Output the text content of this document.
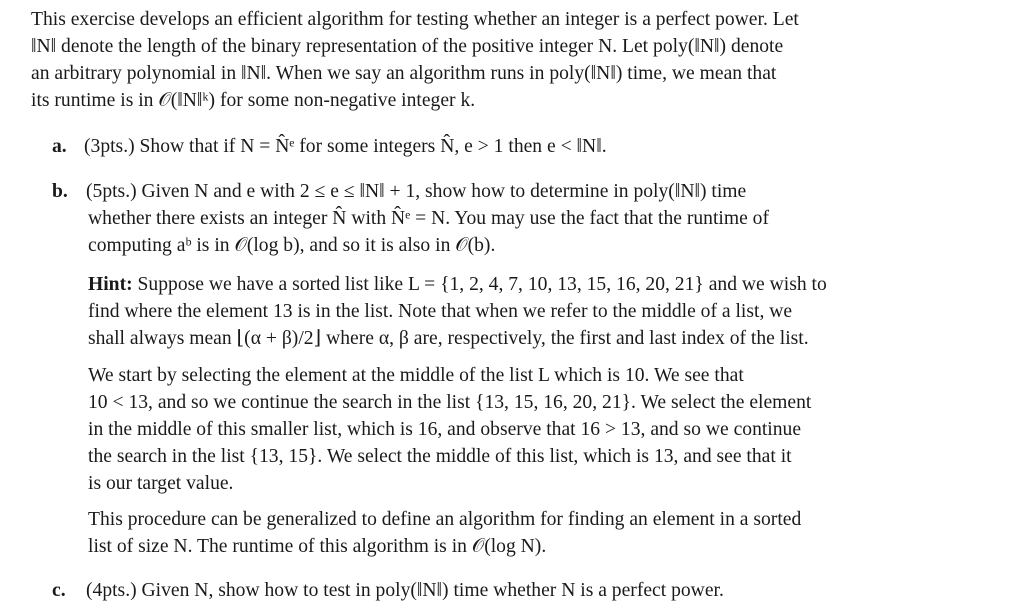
This exercise develops an efficient algorithm for testing whether an integer is a perfect power. Let
‖N‖ denote the length of the binary representation of the positive integer N. Let poly(‖N‖) denote
an arbitrary polynomial in ‖N‖. When we say an algorithm runs in poly(‖N‖) time, we mean that
its runtime is in 𝒪(‖N‖ᵏ) for some non-negative integer k.
a. (3pts.) Show that if N = N̂ᵉ for some integers N̂, e > 1 then e < ‖N‖.
b. (5pts.) Given N and e with 2 ≤ e ≤ ‖N‖ + 1, show how to determine in poly(‖N‖) time
whether there exists an integer N̂ with N̂ᵉ = N. You may use the fact that the runtime of
computing aᵇ is in 𝒪(log b), and so it is also in 𝒪(b).
Hint: Suppose we have a sorted list like L = {1, 2, 4, 7, 10, 13, 15, 16, 20, 21} and we wish to
find where the element 13 is in the list. Note that when we refer to the middle of a list, we
shall always mean ⌊(α + β)/2⌋ where α, β are, respectively, the first and last index of the list.
We start by selecting the element at the middle of the list L which is 10. We see that
10 < 13, and so we continue the search in the list {13, 15, 16, 20, 21}. We select the element
in the middle of this smaller list, which is 16, and observe that 16 > 13, and so we continue
the search in the list {13, 15}. We select the middle of this list, which is 13, and see that it
is our target value.
This procedure can be generalized to define an algorithm for finding an element in a sorted
list of size N. The runtime of this algorithm is in 𝒪(log N).
c. (4pts.) Given N, show how to test in poly(‖N‖) time whether N is a perfect power.
